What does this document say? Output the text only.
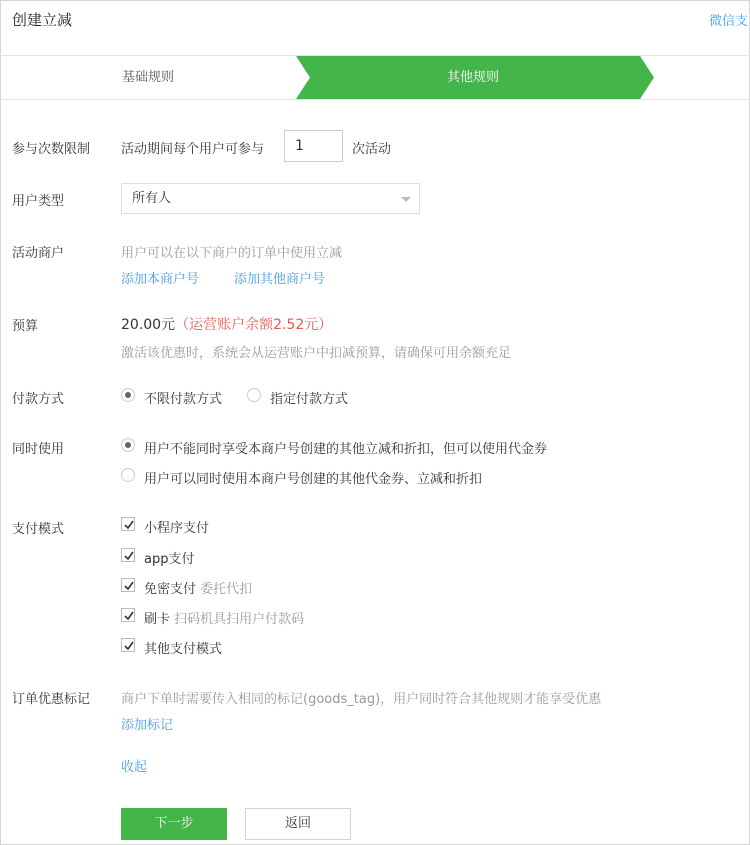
创建立减	微信支
基础规则	其他规则
参与次数限制 活动期间每个用户可参与	1	次活动
用户类型	所有人
活动商户	用户可以在以下商户的订单中使用立减
添加本商户号	添加其他商户号
预算	20.00元（运营账户余额2.52元）
激活该优惠时，系统会从运营账户中扣减预算，请确保可用余额充足
付款方式	不限付款方式	指定付款方式
同时使用	用户不能同时享受本商户号创建的其他立减和折扣，但可以使用代金券
用户可以同时使用本商户号创建的其他代金券、立减和折扣
支付模式	小程序支付
app支付
免密支付 委托代扣
刷卡 扫码机具扫用户付款码
其他支付模式
订单优惠标记 商户下单时需要传入相同的标记(goods_tag)，用户同时符合其他规则才能享受优惠
添加标记
收起
下一步	返回
